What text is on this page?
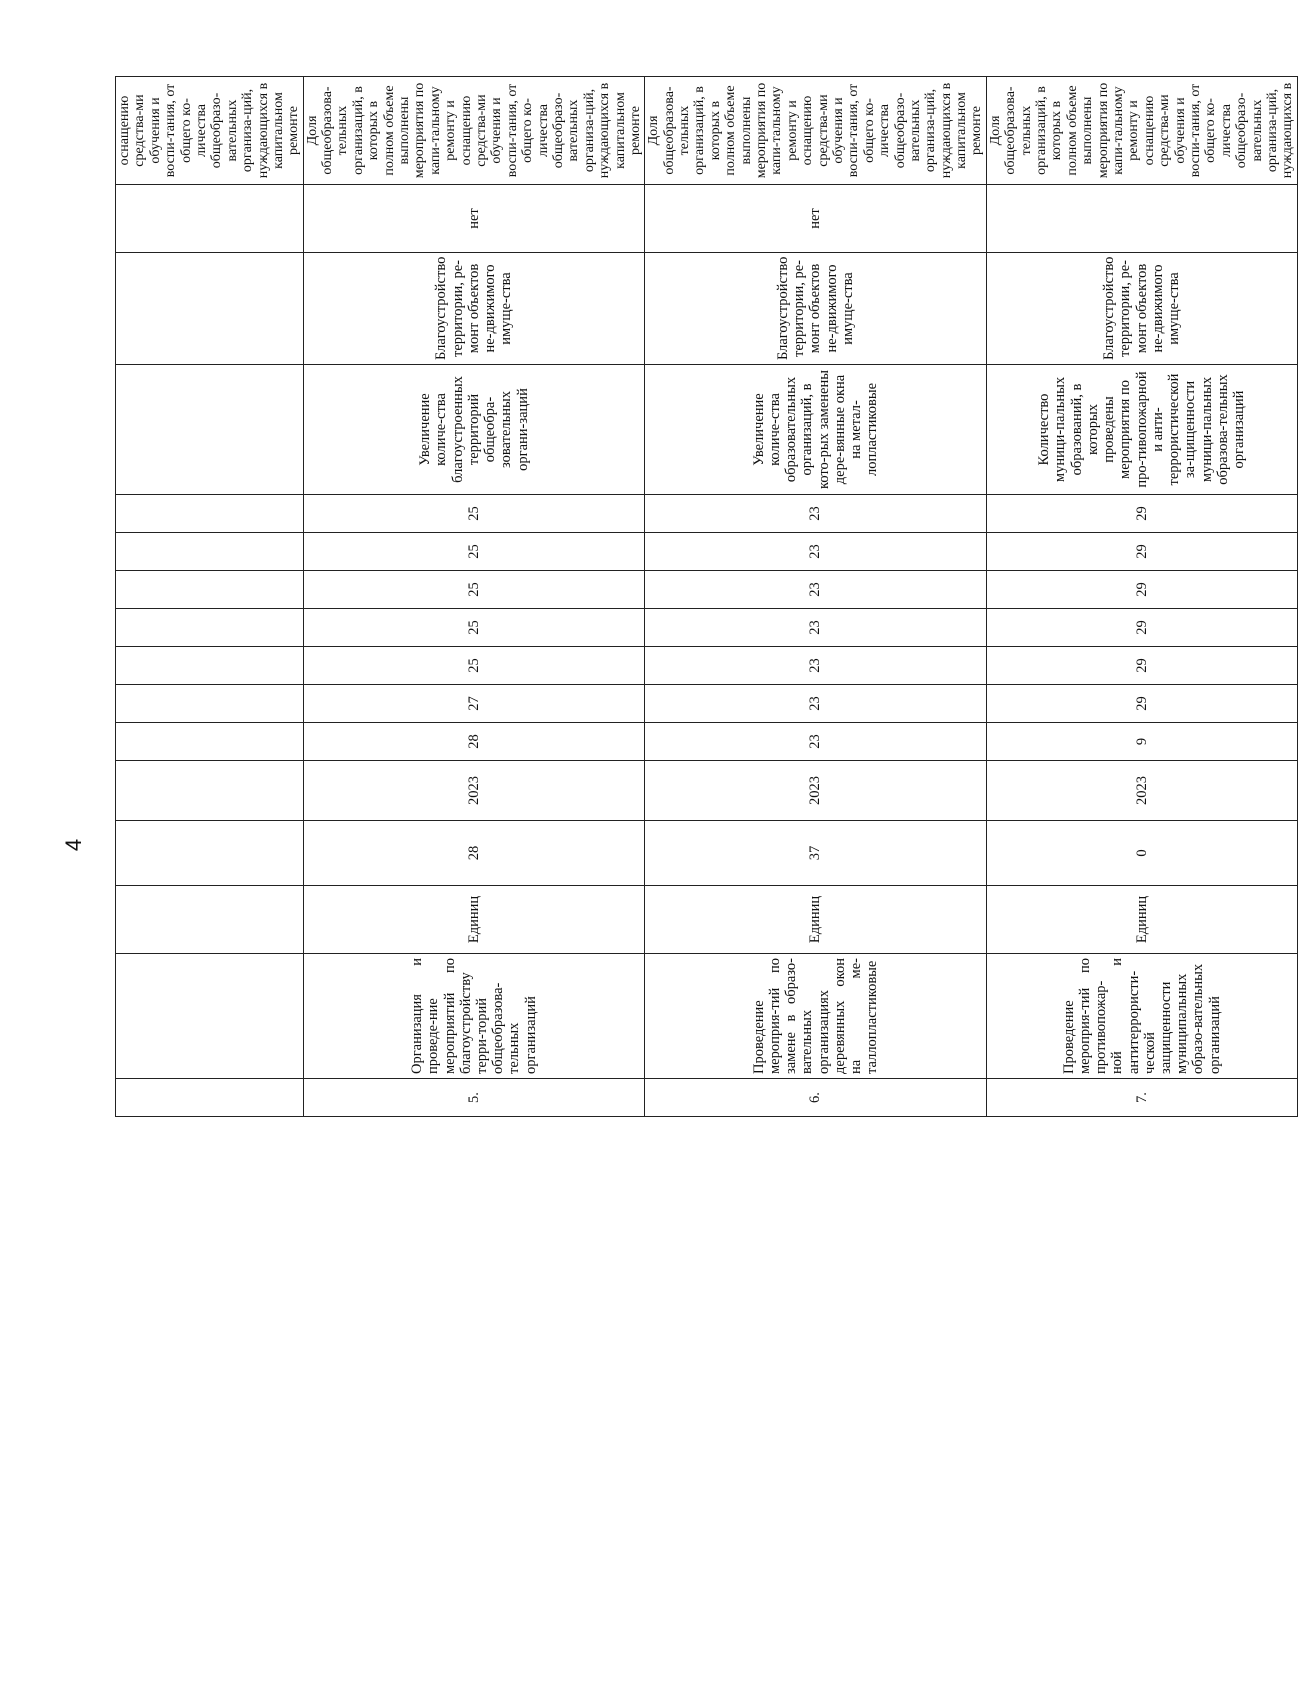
4
															оснащению средства-ми обучения и воспи-тания, от общего ко-личества общеобразо-вательных организа-ций, нуждающихся в капитальном ремонте
5.	Организация и проведе-ние мероприятий по благоустройству терри-торий общеобразова-тельных организаций	Единиц	28	2023	28	27	25	25	25	25	25	Увеличение количе-ства благоустроенных территорий общеобра-зовательных органи-заций	Благоустройство территории, ре-монт объектов не-движимого имуще-ства	нет	Доля общеобразова-тельных организаций, в которых в полном объеме выполнены мероприятия по капи-тальному ремонту и оснащению средства-ми обучения и воспи-тания, от общего ко-личества общеобразо-вательных организа-ций, нуждающихся в капитальном ремонте
6.	Проведение мероприя-тий по замене в образо-вательных организациях деревянных окон на ме-таллопластиковые	Единиц	37	2023	23	23	23	23	23	23	23	Увеличение количе-ства образовательных организаций, в кото-рых заменены дере-вянные окна на метал-лопластиковые	Благоустройство территории, ре-монт объектов не-движимого имуще-ства	нет	Доля общеобразова-тельных организаций, в которых в полном объеме выполнены мероприятия по капи-тальному ремонту и оснащению средства-ми обучения и воспи-тания, от общего ко-личества общеобразо-вательных организа-ций, нуждающихся в капитальном ремонте
7.	Проведение мероприя-тий по противопожар-ной и антитеррористи-ческой защищенности муниципальных образо-вательных организаций	Единиц	0	2023	9	29	29	29	29	29	29	Количество муници-пальных образований, в которых проведены мероприятия по про-тивопожарной и анти-террористической за-щищенности муници-пальных образова-тельных организаций	Благоустройство территории, ре-монт объектов не-движимого имуще-ства		Доля общеобразова-тельных организаций, в которых в полном объеме выполнены мероприятия по капи-тальному ремонту и оснащению средства-ми обучения и воспи-тания, от общего ко-личества общеобразо-вательных организа-ций, нуждающихся в
